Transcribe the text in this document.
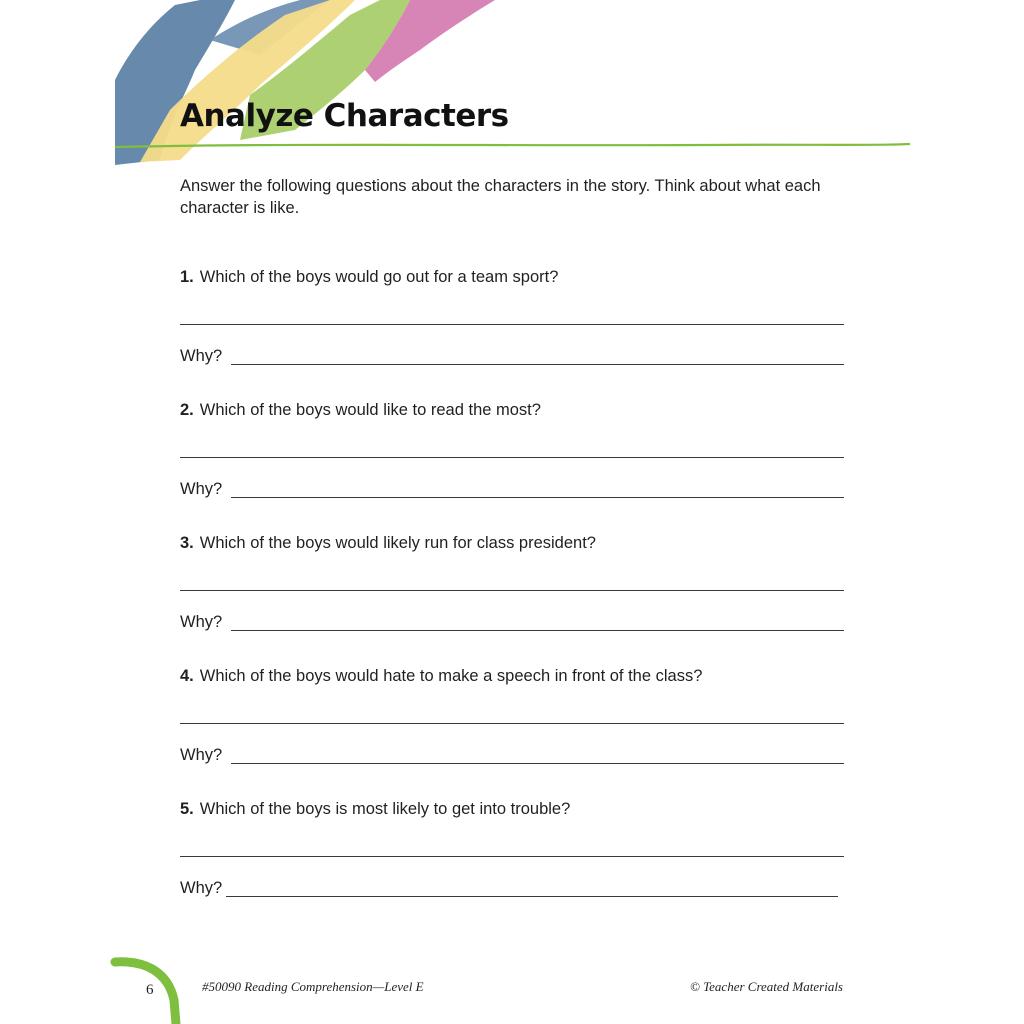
Analyze Characters

Answer the following questions about the characters in the story. Think about what each character is like.

1. Which of the boys would go out for a team sport?

Why?

2. Which of the boys would like to read the most?

Why?

3. Which of the boys would likely run for class president?

Why?

4. Which of the boys would hate to make a speech in front of the class?

Why?

5. Which of the boys is most likely to get into trouble?

Why?
6	#50090 Reading Comprehension—Level E	© Teacher Created Materials
